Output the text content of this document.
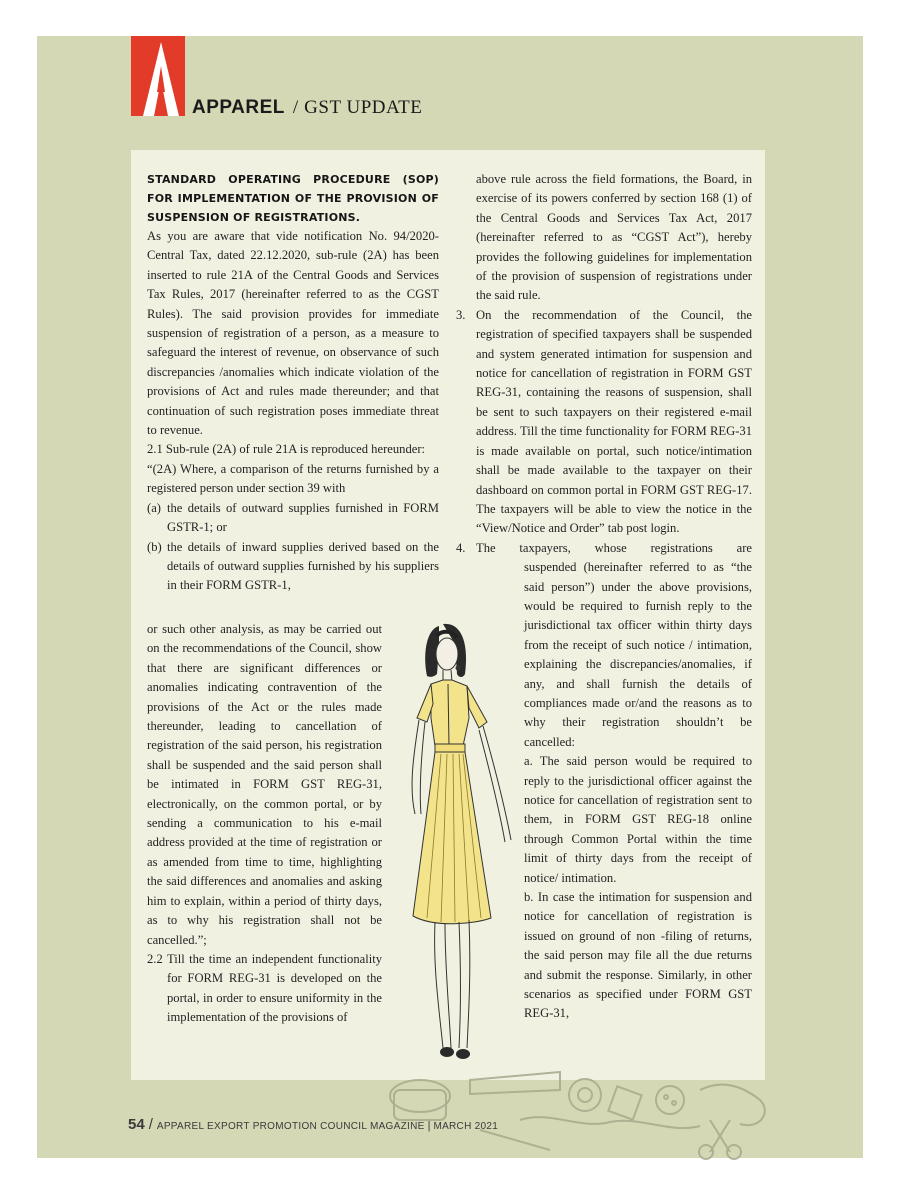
APPAREL / GST UPDATE
STANDARD OPERATING PROCEDURE (SOP) FOR IMPLEMENTATION OF THE PROVISION OF SUSPENSION OF REGISTRATIONS.

As you are aware that vide notification No. 94/2020-Central Tax, dated 22.12.2020, sub-rule (2A) has been inserted to rule 21A of the Central Goods and Services Tax Rules, 2017 (hereinafter referred to as the CGST Rules). The said provision provides for immediate suspension of registration of a person, as a measure to safeguard the interest of revenue, on observance of such discrepancies /anomalies which indicate violation of the provisions of Act and rules made thereunder; and that continuation of such registration poses immediate threat to revenue.

2.1 Sub-rule (2A) of rule 21A is reproduced hereunder:

“(2A) Where, a comparison of the returns furnished by a registered person under section 39 with

(a) the details of outward supplies furnished in FORM GSTR-1; or
(b) the details of inward supplies derived based on the details of outward supplies furnished by his suppliers in their FORM GSTR-1,

or such other analysis, as may be carried out on the recommendations of the Council, show that there are significant differences or anomalies indicating contravention of the provisions of the Act or the rules made thereunder, leading to cancellation of registration of the said person, his registration shall be suspended and the said person shall be intimated in FORM GST REG-31, electronically, on the common portal, or by sending a communication to his e-mail address provided at the time of registration or as amended from time to time, highlighting the said differences and anomalies and asking him to explain, within a period of thirty days, as to why his registration shall not be cancelled.”;

2.2 Till the time an independent functionality for FORM REG-31 is developed on the portal, in order to ensure uniformity in the implementation of the provisions of

above rule across the field formations, the Board, in exercise of its powers conferred by section 168 (1) of the Central Goods and Services Tax Act, 2017 (hereinafter referred to as “CGST Act”), hereby provides the following guidelines for implementation of the provision of suspension of registrations under the said rule.

3. On the recommendation of the Council, the registration of specified taxpayers shall be suspended and system generated intimation for suspension and notice for cancellation of registration in FORM GST REG-31, containing the reasons of suspension, shall be sent to such taxpayers on their registered e-mail address. Till the time functionality for FORM REG-31 is made available on portal, such notice/intimation shall be made available to the taxpayer on their dashboard on common portal in FORM GST REG-17. The taxpayers will be able to view the notice in the “View/Notice and Order” tab post login.
4. The taxpayers, whose registrations are

suspended (hereinafter referred to as “the said person”) under the above provisions, would be required to furnish reply to the jurisdictional tax officer within thirty days from the receipt of such notice / intimation, explaining the discrepancies/anomalies, if any, and shall furnish the details of compliances made or/and the reasons as to why their registration shouldn’t be cancelled:

a. The said person would be required to reply to the jurisdictional officer against the notice for cancellation of registration sent to them, in FORM GST REG-18 online through Common Portal within the time limit of thirty days from the receipt of notice/ intimation.

b. In case the intimation for suspension and notice for cancellation of registration is issued on ground of non -filing of returns, the said person may file all the due returns and submit the response. Similarly, in other scenarios as specified under FORM GST REG-31,

54 / APPAREL EXPORT PROMOTION COUNCIL MAGAZINE | MARCH 2021
